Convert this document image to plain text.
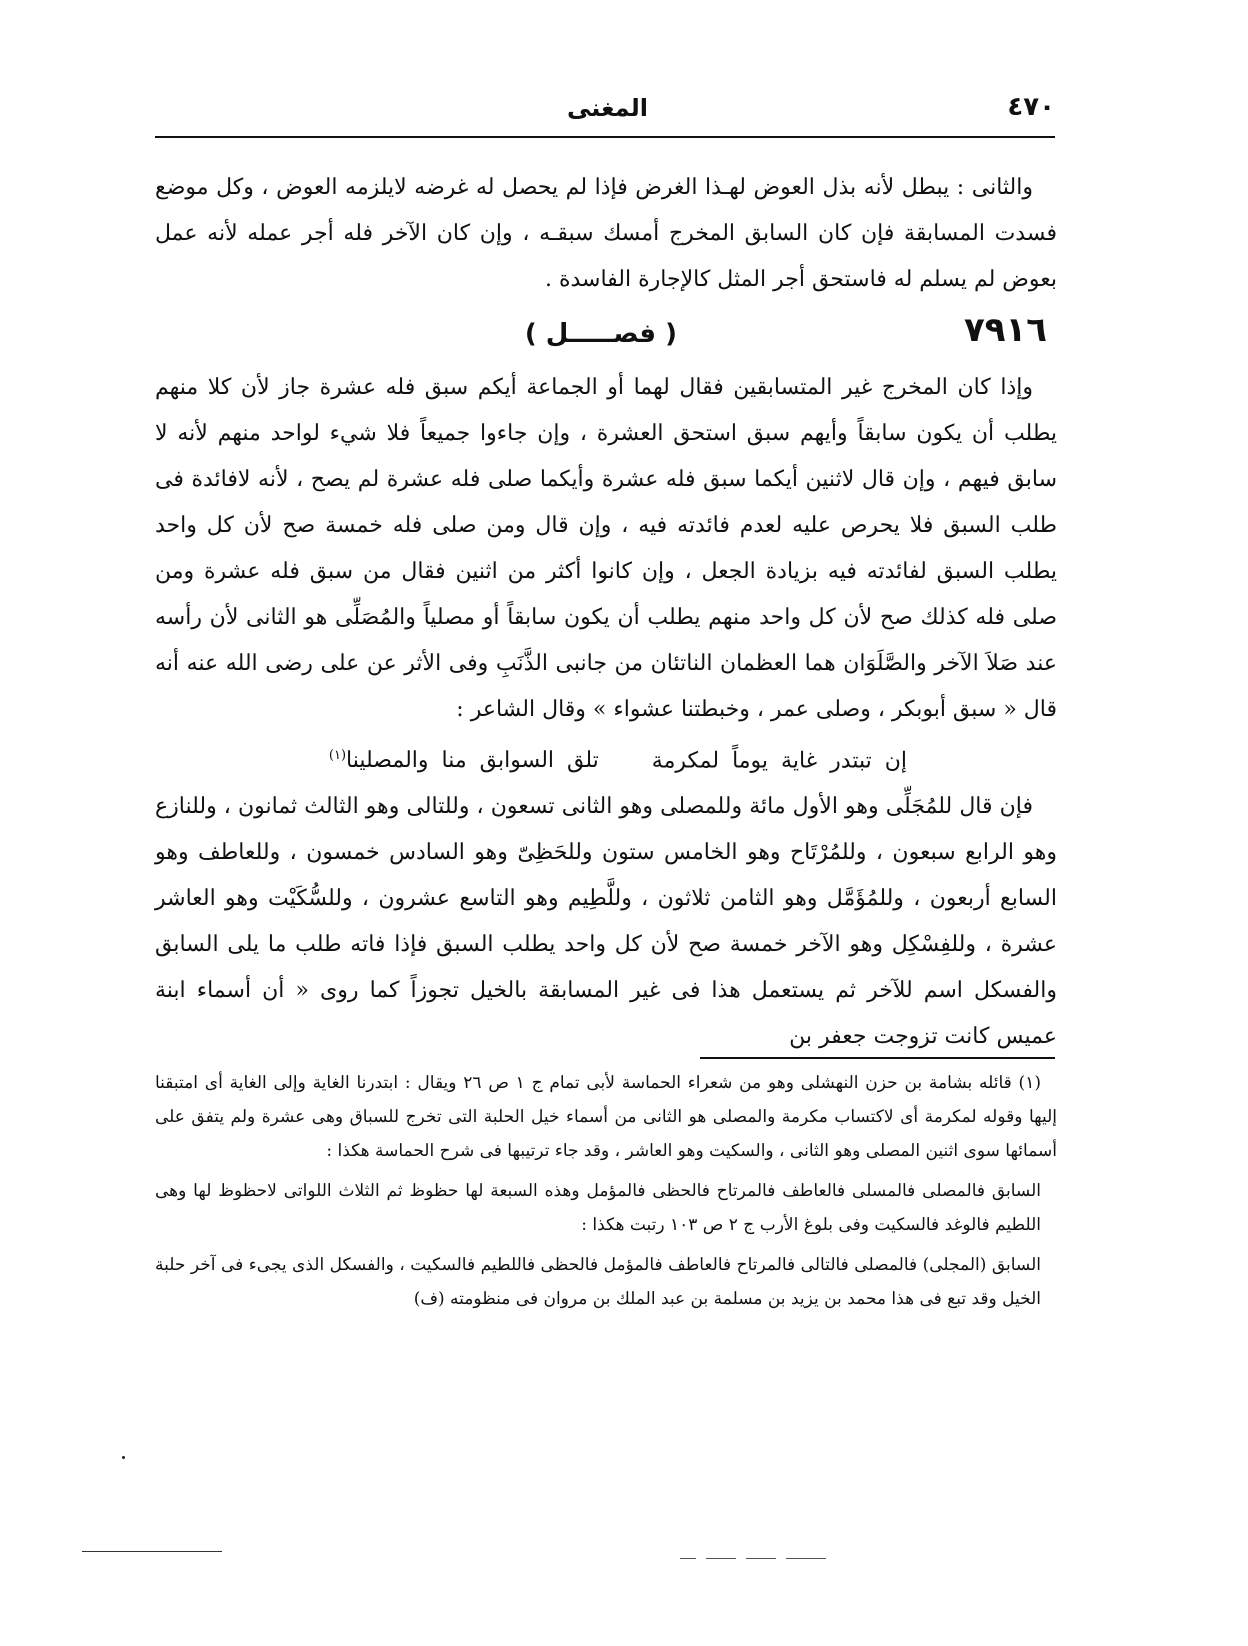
٤٧٠
المغنى

والثانى : يبطل لأنه بذل العوض لهـذا الغرض فإذا لم يحصل له غرضه لايلزمه العوض ، وكل موضع فسدت المسابقة فإن كان السابق المخرج أمسك سبقـه ، وإن كان الآخر فله أجر عمله لأنه عمل بعوض لم يسلم له فاستحق أجر المثل كالإجارة الفاسدة .

٧٩١٦
( فصـــــل )

وإذا كان المخرج غير المتسابقين فقال لهما أو الجماعة أيكم سبق فله عشرة جاز لأن كلا منهم يطلب أن يكون سابقاً وأيهم سبق استحق العشرة ، وإن جاءوا جميعاً فلا شيء لواحد منهم لأنه لا سابق فيهم ، وإن قال لاثنين أيكما سبق فله عشرة وأيكما صلى فله عشرة لم يصح ، لأنه لافائدة فى طلب السبق فلا يحرص عليه لعدم فائدته فيه ، وإن قال ومن صلى فله خمسة صح لأن كل واحد يطلب السبق لفائدته فيه بزيادة الجعل ، وإن كانوا أكثر من اثنين فقال من سبق فله عشرة ومن صلى فله كذلك صح لأن كل واحد منهم يطلب أن يكون سابقاً أو مصلياً والمُصَلِّى هو الثانى لأن رأسه عند صَلاَ الآخر والصَّلَوَان هما العظمان الناتئان من جانبى الذَّنَبِ وفى الأثر عن على رضى الله عنه أنه قال « سبق أبوبكر ، وصلى عمر ، وخبطتنا عشواء » وقال الشاعر :

إن تبتدر غاية يوماً لمكرمة تلق السوابق منا والمصلينا$^{(١)}$

فإن قال للمُجَلِّى وهو الأول مائة وللمصلى وهو الثانى تسعون ، وللتالى وهو الثالث ثمانون ، وللنازع وهو الرابع سبعون ، وللمُرْتَاح وهو الخامس ستون وللحَظِىّ وهو السادس خمسون ، وللعاطف وهو السابع أربعون ، وللمُؤَمَّل وهو الثامن ثلاثون ، وللَّطِيم وهو التاسع عشرون ، وللسُّكَيْت وهو العاشر عشرة ، وللفِسْكِل وهو الآخر خمسة صح لأن كل واحد يطلب السبق فإذا فاته طلب ما يلى السابق والفسكل اسم للآخر ثم يستعمل هذا فى غير المسابقة بالخيل تجوزاً كما روى « أن أسماء ابنة عميس كانت تزوجت جعفر بن

(١) قائله بشامة بن حزن النهشلى وهو من شعراء الحماسة لأبى تمام ج ١ ص ٢٦ ويقال : ابتدرنا الغاية وإلى الغاية أى امتبقنا إليها وقوله لمكرمة أى لاكتساب مكرمة والمصلى هو الثانى من أسماء خيل الحلبة التى تخرج للسباق وهى عشرة ولم يتفق على أسمائها سوى اثنين المصلى وهو الثانى ، والسكيت وهو العاشر ، وقد جاء ترتيبها فى شرح الحماسة هكذا :

السابق فالمصلى فالمسلى فالعاطف فالمرتاح فالحظى فالمؤمل وهذه السبعة لها حظوظ ثم الثلاث اللواتى لاحظوظ لها وهى اللطيم فالوغد فالسكيت وفى بلوغ الأرب ج ٢ ص ١٠٣ رتبت هكذا :

السابق (المجلى) فالمصلى فالتالى فالمرتاح فالعاطف فالمؤمل فالحظى فاللطيم فالسكيت ، والفسكل الذى يجىء فى آخر حلبة الخيل وقد تبع فى هذا محمد بن يزيد بن مسلمة بن عبد الملك بن مروان فى منظومته (ف)
